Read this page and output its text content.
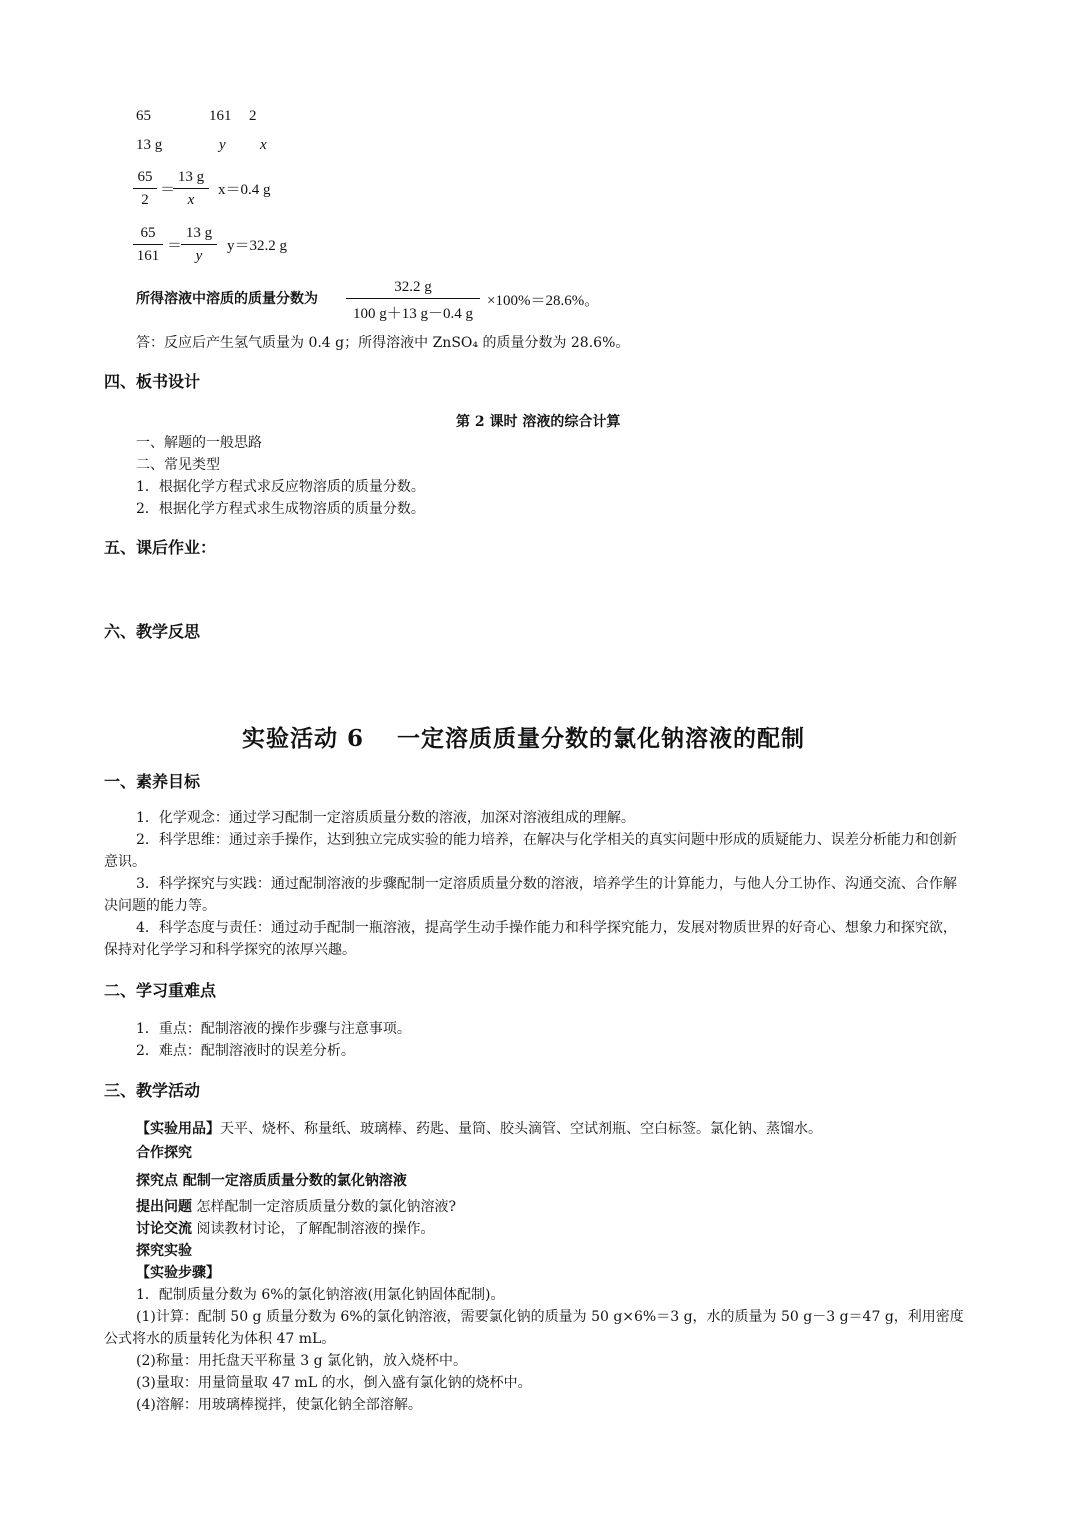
65	161 2
13 g	y x
$\frac{65}{2}$ ＝
$\frac{13 g}{x} x=0.4$ g
$\frac{65}{161}$ ＝
$\frac{13 g}{y} y=32.2$ g
所得溶液中溶质的质量分数为 $\frac{32.2 g}{100 g+13 g-0.4 g} \times 100\%=28.6\%$。
答：反应后产生氢气质量为 0.4 g；所得溶液中 ZnSO₄ 的质量分数为 28.6%。
四、板书设计
第 2 课时 溶液的综合计算
一、解题的一般思路
二、常见类型
1．根据化学方程式求反应物溶质的质量分数。
2．根据化学方程式求生成物溶质的质量分数。
五、课后作业：
六、教学反思
实验活动 6　 一定溶质质量分数的氯化钠溶液的配制
一、素养目标
1．化学观念：通过学习配制一定溶质质量分数的溶液，加深对溶液组成的理解。
2．科学思维：通过亲手操作，达到独立完成实验的能力培养，在解决与化学相关的真实问题中形成的质疑能力、误差分析能力和创新意识。
3．科学探究与实践：通过配制溶液的步骤配制一定溶质质量分数的溶液，培养学生的计算能力，与他人分工协作、沟通交流、合作解决问题的能力等。
4．科学态度与责任：通过动手配制一瓶溶液，提高学生动手操作能力和科学探究能力，发展对物质世界的好奇心、想象力和探究欲，保持对化学学习和科学探究的浓厚兴趣。
二、学习重难点
1．重点：配制溶液的操作步骤与注意事项。
2．难点：配制溶液时的误差分析。
三、教学活动
【实验用品】天平、烧杯、称量纸、玻璃棒、药匙、量筒、胶头滴管、空试剂瓶、空白标签。氯化钠、蒸馏水。
合作探究
探究点 配制一定溶质质量分数的氯化钠溶液
提出问题 怎样配制一定溶质质量分数的氯化钠溶液?
讨论交流 阅读教材讨论，了解配制溶液的操作。
探究实验
【实验步骤】
1．配制质量分数为 6%的氯化钠溶液(用氯化钠固体配制)。
(1)计算：配制 50 g 质量分数为 6%的氯化钠溶液，需要氯化钠的质量为 50 g×6%＝3 g，水的质量为 50 g－3 g＝47 g，利用密度公式将水的质量转化为体积 47 mL。
(2)称量：用托盘天平称量 3 g 氯化钠，放入烧杯中。
(3)量取：用量筒量取 47 mL 的水，倒入盛有氯化钠的烧杯中。
(4)溶解：用玻璃棒搅拌，使氯化钠全部溶解。
